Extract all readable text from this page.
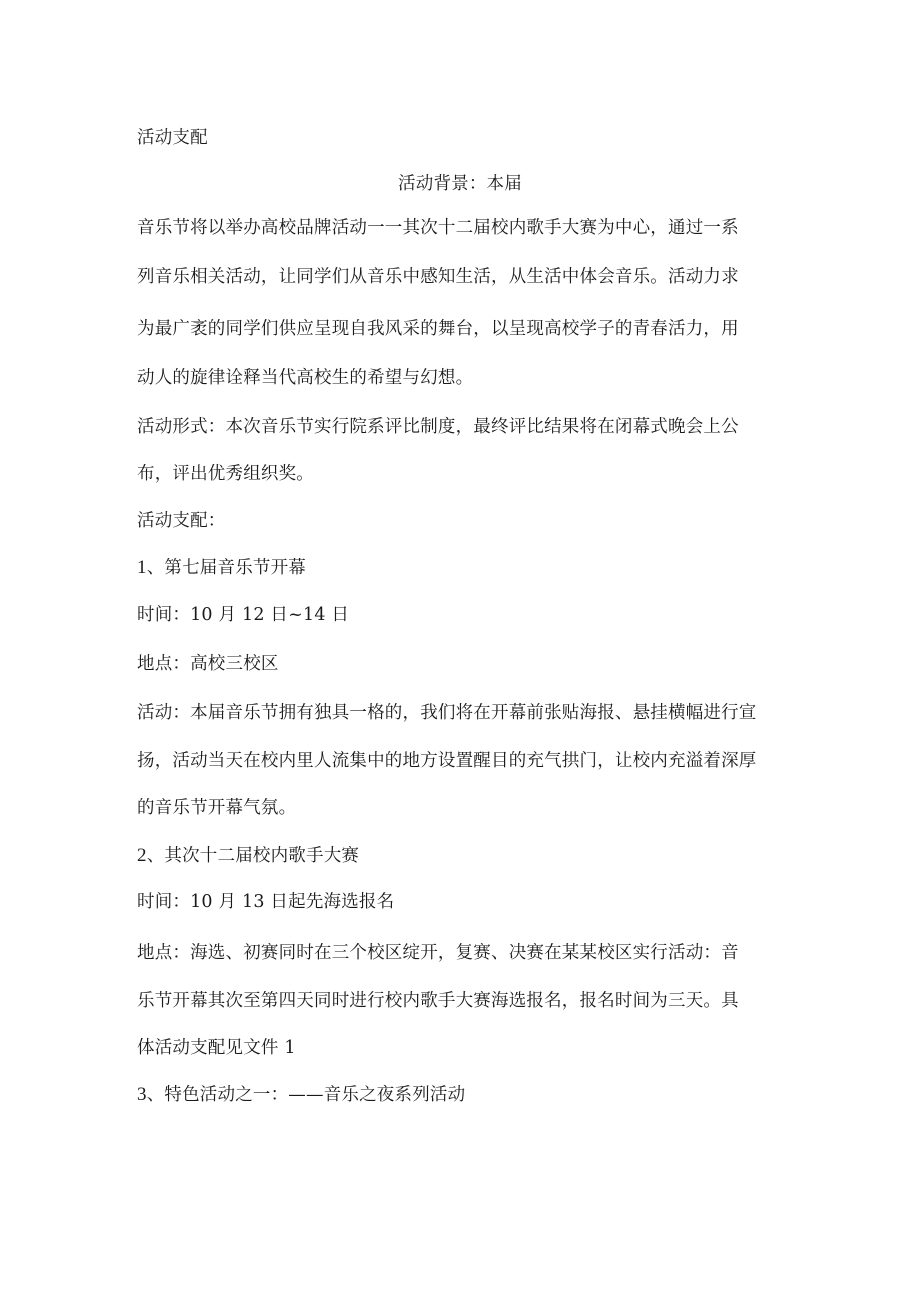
活动支配
活动背景：本届
音乐节将以举办高校品牌活动一一其次十二届校内歌手大赛为中心，通过一系
列音乐相关活动，让同学们从音乐中感知生活，从生活中体会音乐。活动力求
为最广袤的同学们供应呈现自我风采的舞台，以呈现高校学子的青春活力，用
动人的旋律诠释当代高校生的希望与幻想。
活动形式：本次音乐节实行院系评比制度，最终评比结果将在闭幕式晚会上公
布，评出优秀组织奖。
活动支配：
1、第七届音乐节开幕
时间：10 月 12 日~14 日
地点：高校三校区
活动：本届音乐节拥有独具一格的，我们将在开幕前张贴海报、悬挂横幅进行宣
扬，活动当天在校内里人流集中的地方设置醒目的充气拱门，让校内充溢着深厚
的音乐节开幕气氛。
2、其次十二届校内歌手大赛
时间：10 月 13 日起先海选报名
地点：海选、初赛同时在三个校区绽开，复赛、决赛在某某校区实行活动：音
乐节开幕其次至第四天同时进行校内歌手大赛海选报名，报名时间为三天。具
体活动支配见文件 1
3、特色活动之一：——音乐之夜系列活动
